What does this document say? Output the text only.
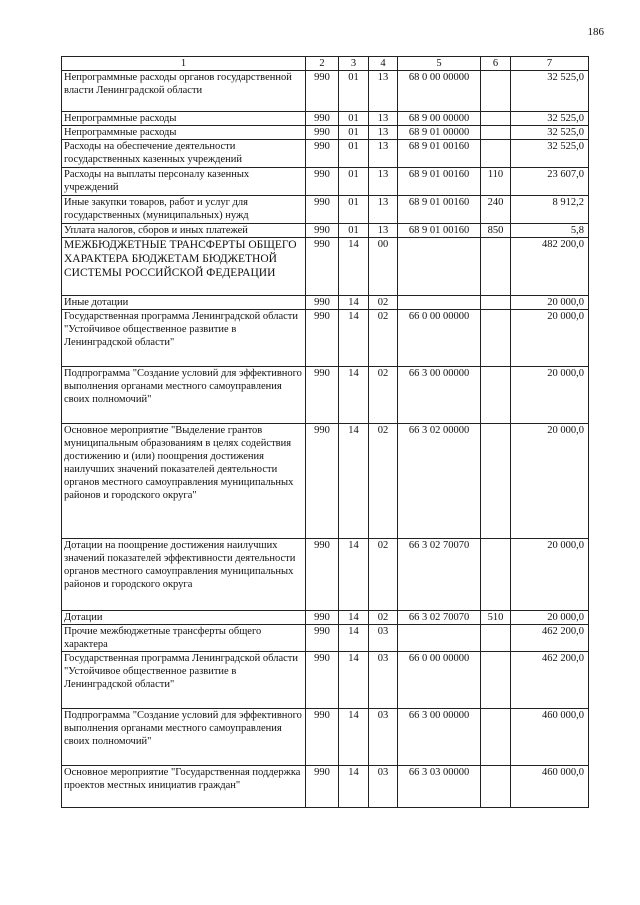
186
1	2	3	4	5	6	7
Непрограммные расходы органов государственной власти Ленинградской области	990	01	13	68 0 00 00000		32 525,0
Непрограммные расходы	990	01	13	68 9 00 00000		32 525,0
Непрограммные расходы	990	01	13	68 9 01 00000		32 525,0
Расходы на обеспечение деятельности государственных казенных учреждений	990	01	13	68 9 01 00160		32 525,0
Расходы на выплаты персоналу казенных учреждений	990	01	13	68 9 01 00160	110	23 607,0
Иные закупки товаров, работ и услуг для государственных (муниципальных) нужд	990	01	13	68 9 01 00160	240	8 912,2
Уплата налогов, сборов и иных платежей	990	01	13	68 9 01 00160	850	5,8
МЕЖБЮДЖЕТНЫЕ ТРАНСФЕРТЫ ОБЩЕГО ХАРАКТЕРА БЮДЖЕТАМ БЮДЖЕТНОЙ СИСТЕМЫ РОССИЙСКОЙ ФЕДЕРАЦИИ	990	14	00			482 200,0
Иные дотации	990	14	02			20 000,0
Государственная программа Ленинградской области "Устойчивое общественное развитие в Ленинградской области"	990	14	02	66 0 00 00000		20 000,0
Подпрограмма "Создание условий для эффективного выполнения органами местного самоуправления своих полномочий"	990	14	02	66 3 00 00000		20 000,0
Основное мероприятие "Выделение грантов муниципальным образованиям в целях содействия достижению и (или) поощрения достижения наилучших значений показателей деятельности органов местного самоуправления муниципальных районов и городского округа"	990	14	02	66 3 02 00000		20 000,0
Дотации на поощрение достижения наилучших значений показателей эффективности деятельности органов местного самоуправления муниципальных районов и городского округа	990	14	02	66 3 02 70070		20 000,0
Дотации	990	14	02	66 3 02 70070	510	20 000,0
Прочие межбюджетные трансферты общего характера	990	14	03			462 200,0
Государственная программа Ленинградской области "Устойчивое общественное развитие в Ленинградской области"	990	14	03	66 0 00 00000		462 200,0
Подпрограмма "Создание условий для эффективного выполнения органами местного самоуправления своих полномочий"	990	14	03	66 3 00 00000		460 000,0
Основное мероприятие "Государственная поддержка проектов местных инициатив граждан"	990	14	03	66 3 03 00000		460 000,0
